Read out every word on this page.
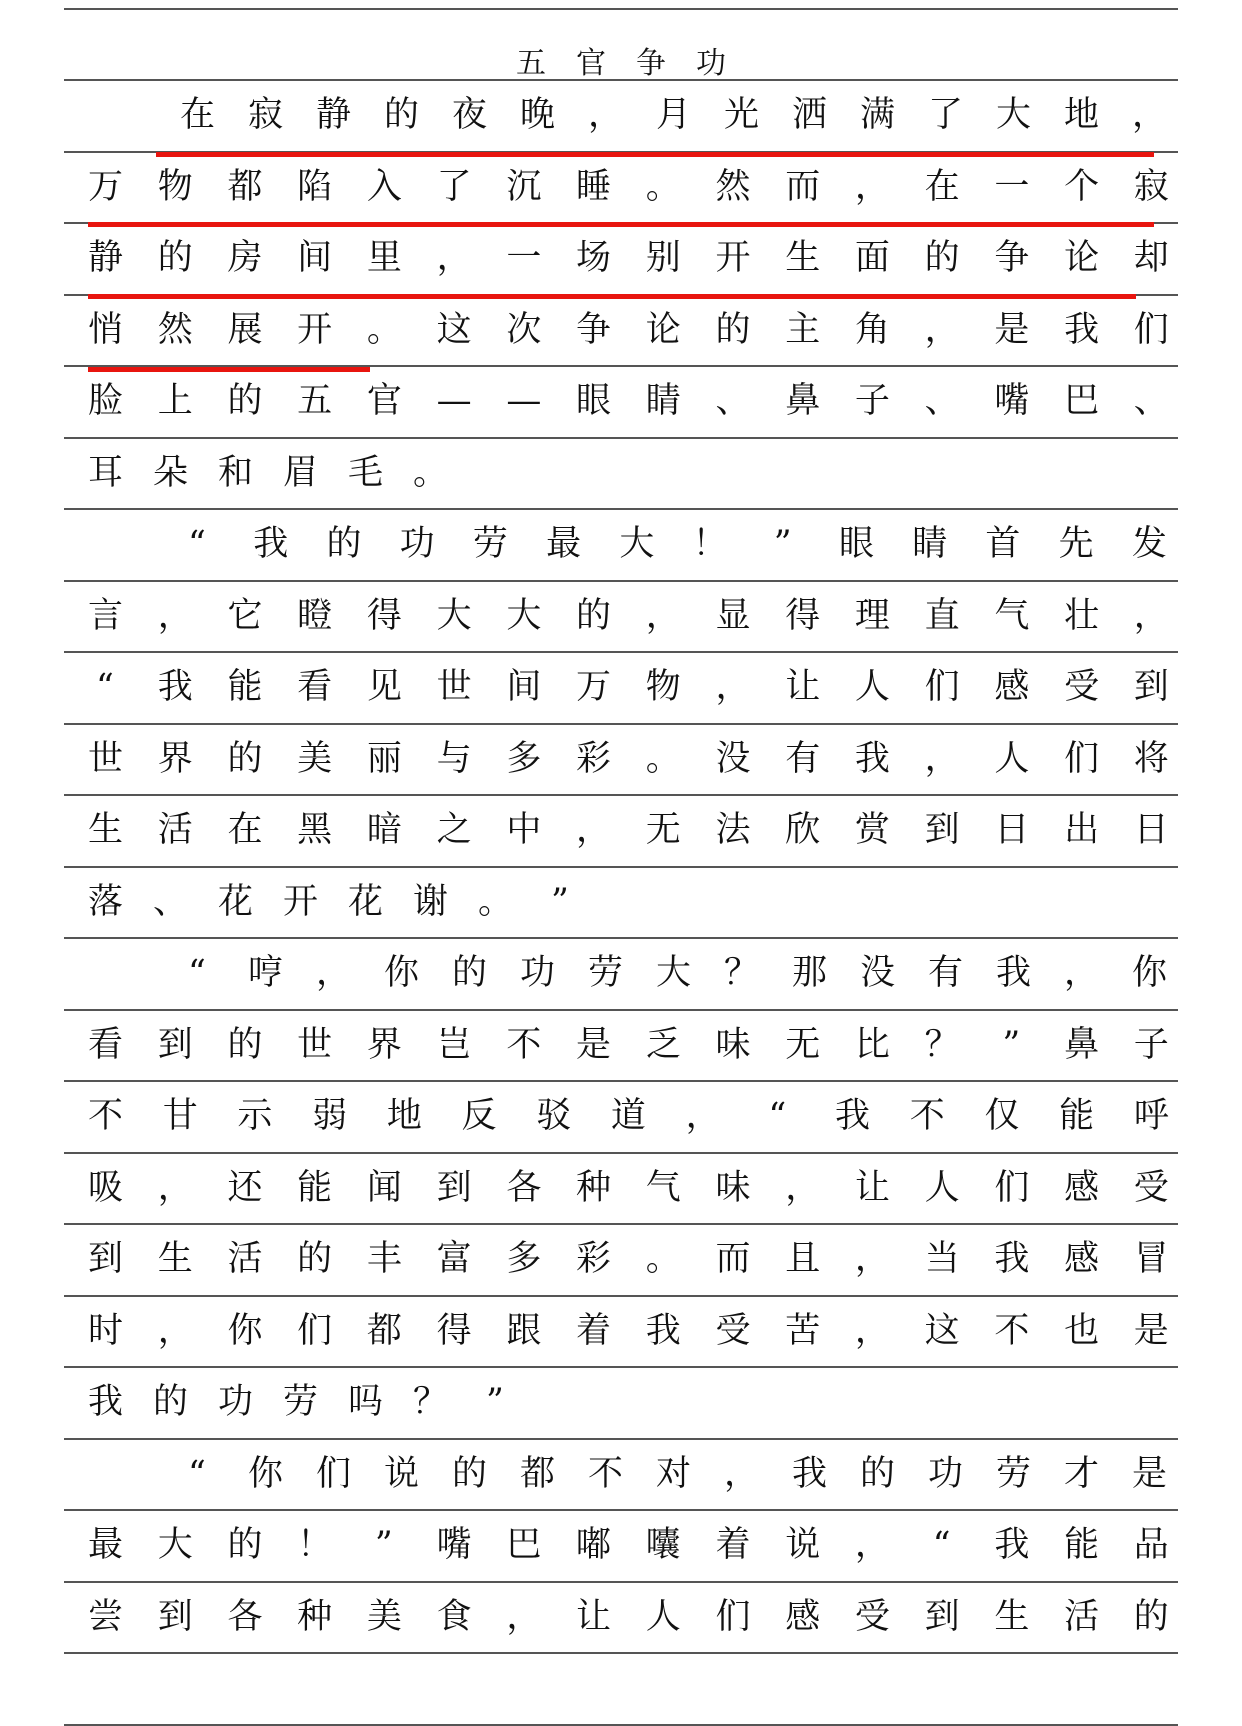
五官争功
在 寂 静 的 夜 晚 ， 月 光 洒 满 了 大 地 ，
万 物 都 陷 入 了 沉 睡 。 然 而 ， 在 一 个 寂
静 的 房 间 里 ， 一 场 别 开 生 面 的 争 论 却
悄 然 展 开 。 这 次 争 论 的 主 角 ， 是 我 们
脸 上 的 五 官 — — 眼 睛 、 鼻 子 、 嘴 巴 、
耳 朵 和 眉 毛 。
“ 我 的 功 劳 最 大 ！ ” 眼 睛 首 先 发
言 ， 它 瞪 得 大 大 的 ， 显 得 理 直 气 壮 ，
“ 我 能 看 见 世 间 万 物 ， 让 人 们 感 受 到
世 界 的 美 丽 与 多 彩 。 没 有 我 ， 人 们 将
生 活 在 黑 暗 之 中 ， 无 法 欣 赏 到 日 出 日
落 、 花 开 花 谢 。 ”
“ 哼 ， 你 的 功 劳 大 ？ 那 没 有 我 ， 你
看 到 的 世 界 岂 不 是 乏 味 无 比 ？ ” 鼻 子
不 甘 示 弱 地 反 驳 道 ， “ 我 不 仅 能 呼
吸 ， 还 能 闻 到 各 种 气 味 ， 让 人 们 感 受
到 生 活 的 丰 富 多 彩 。 而 且 ， 当 我 感 冒
时 ， 你 们 都 得 跟 着 我 受 苦 ， 这 不 也 是
我 的 功 劳 吗 ？ ”
“ 你 们 说 的 都 不 对 ， 我 的 功 劳 才 是
最 大 的 ！ ” 嘴 巴 嘟 囔 着 说 ， “ 我 能 品
尝 到 各 种 美 食 ， 让 人 们 感 受 到 生 活 的
